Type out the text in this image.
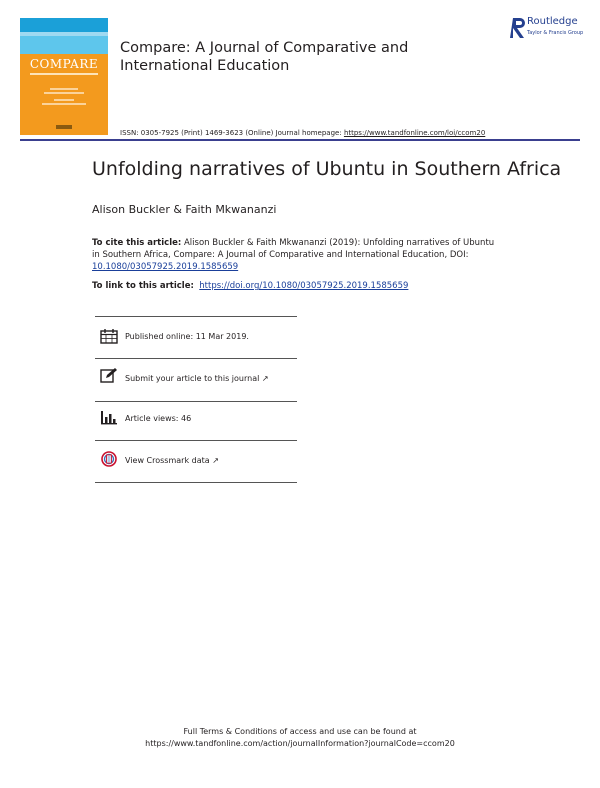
COMPARE
Compare: A Journal of Comparative and International Education
Routledge
Taylor & Francis Group
ISSN: 0305-7925 (Print) 1469-3623 (Online) Journal homepage: https://www.tandfonline.com/loi/ccom20
Unfolding narratives of Ubuntu in Southern Africa
Alison Buckler & Faith Mkwananzi
To cite this article: Alison Buckler & Faith Mkwananzi (2019): Unfolding narratives of Ubuntu
in Southern Africa, Compare: A Journal of Comparative and International Education, DOI:
10.1080/03057925.2019.1585659
To link to this article: https://doi.org/10.1080/03057925.2019.1585659
Published online: 11 Mar 2019.
Submit your article to this journal ↗
Article views: 46
View Crossmark data ↗
Full Terms & Conditions of access and use can be found at
https://www.tandfonline.com/action/journalInformation?journalCode=ccom20
